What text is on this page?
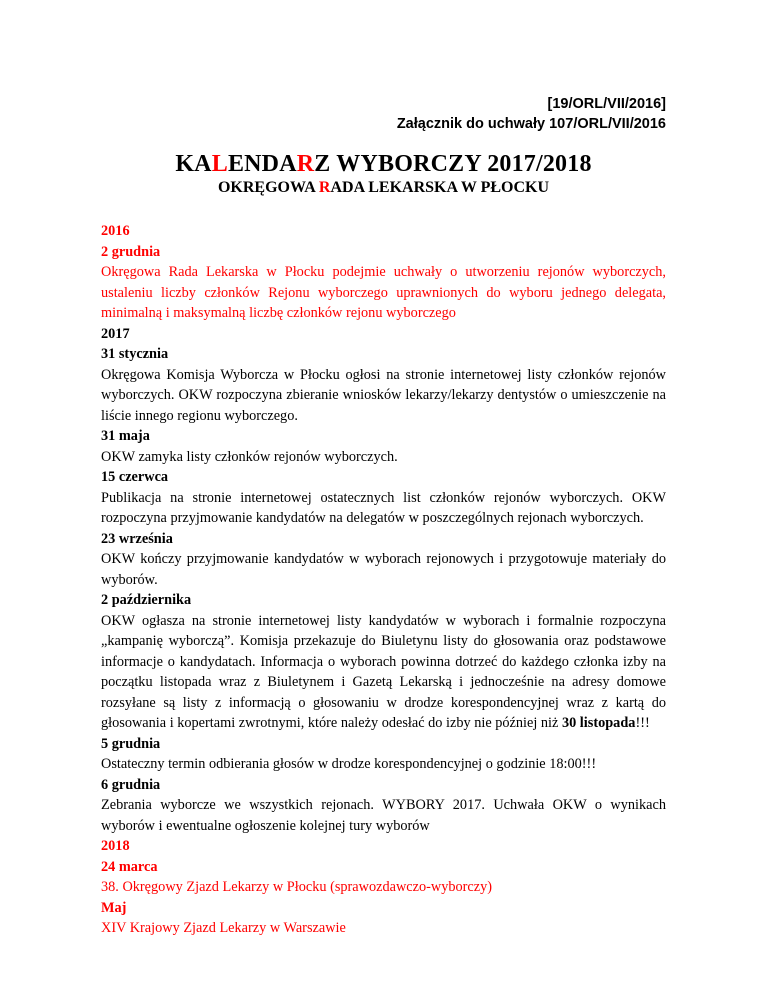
[19/ORL/VII/2016]
Załącznik do uchwały 107/ORL/VII/2016
KALENDARZ WYBORCZY 2017/2018
OKRĘGOWA RADA LEKARSKA W PŁOCKU
2016
2 grudnia

Okręgowa Rada Lekarska w Płocku podejmie uchwały o utworzeniu rejonów wyborczych, ustaleniu liczby członków Rejonu wyborczego uprawnionych do wyboru jednego delegata, minimalną i maksymalną liczbę członków rejonu wyborczego

2017
31 stycznia

Okręgowa Komisja Wyborcza w Płocku ogłosi na stronie internetowej listy członków rejonów wyborczych. OKW rozpoczyna zbieranie wniosków lekarzy/lekarzy dentystów o umieszczenie na liście innego regionu wyborczego.

31 maja

OKW zamyka listy członków rejonów wyborczych.

15 czerwca

Publikacja na stronie internetowej ostatecznych list członków rejonów wyborczych. OKW rozpoczyna przyjmowanie kandydatów na delegatów w poszczególnych rejonach wyborczych.

23 września

OKW kończy przyjmowanie kandydatów w wyborach rejonowych i przygotowuje materiały do wyborów.

2 października

OKW ogłasza na stronie internetowej listy kandydatów w wyborach i formalnie rozpoczyna „kampanię wyborczą”. Komisja przekazuje do Biuletynu listy do głosowania oraz podstawowe informacje o kandydatach. Informacja o wyborach powinna dotrzeć do każdego członka izby na początku listopada wraz z Biuletynem i Gazetą Lekarską i jednocześnie na adresy domowe rozsyłane są listy z informacją o głosowaniu w drodze korespondencyjnej wraz z kartą do głosowania i kopertami zwrotnymi, które należy odesłać do izby nie później niż 30 listopada!!!

5 grudnia

Ostateczny termin odbierania głosów w drodze korespondencyjnej o godzinie 18:00!!!

6 grudnia

Zebrania wyborcze we wszystkich rejonach. WYBORY 2017. Uchwała OKW o wynikach wyborów i ewentualne ogłoszenie kolejnej tury wyborów

2018
24 marca

38. Okręgowy Zjazd Lekarzy w Płocku (sprawozdawczo-wyborczy)

Maj

XIV Krajowy Zjazd Lekarzy w Warszawie
